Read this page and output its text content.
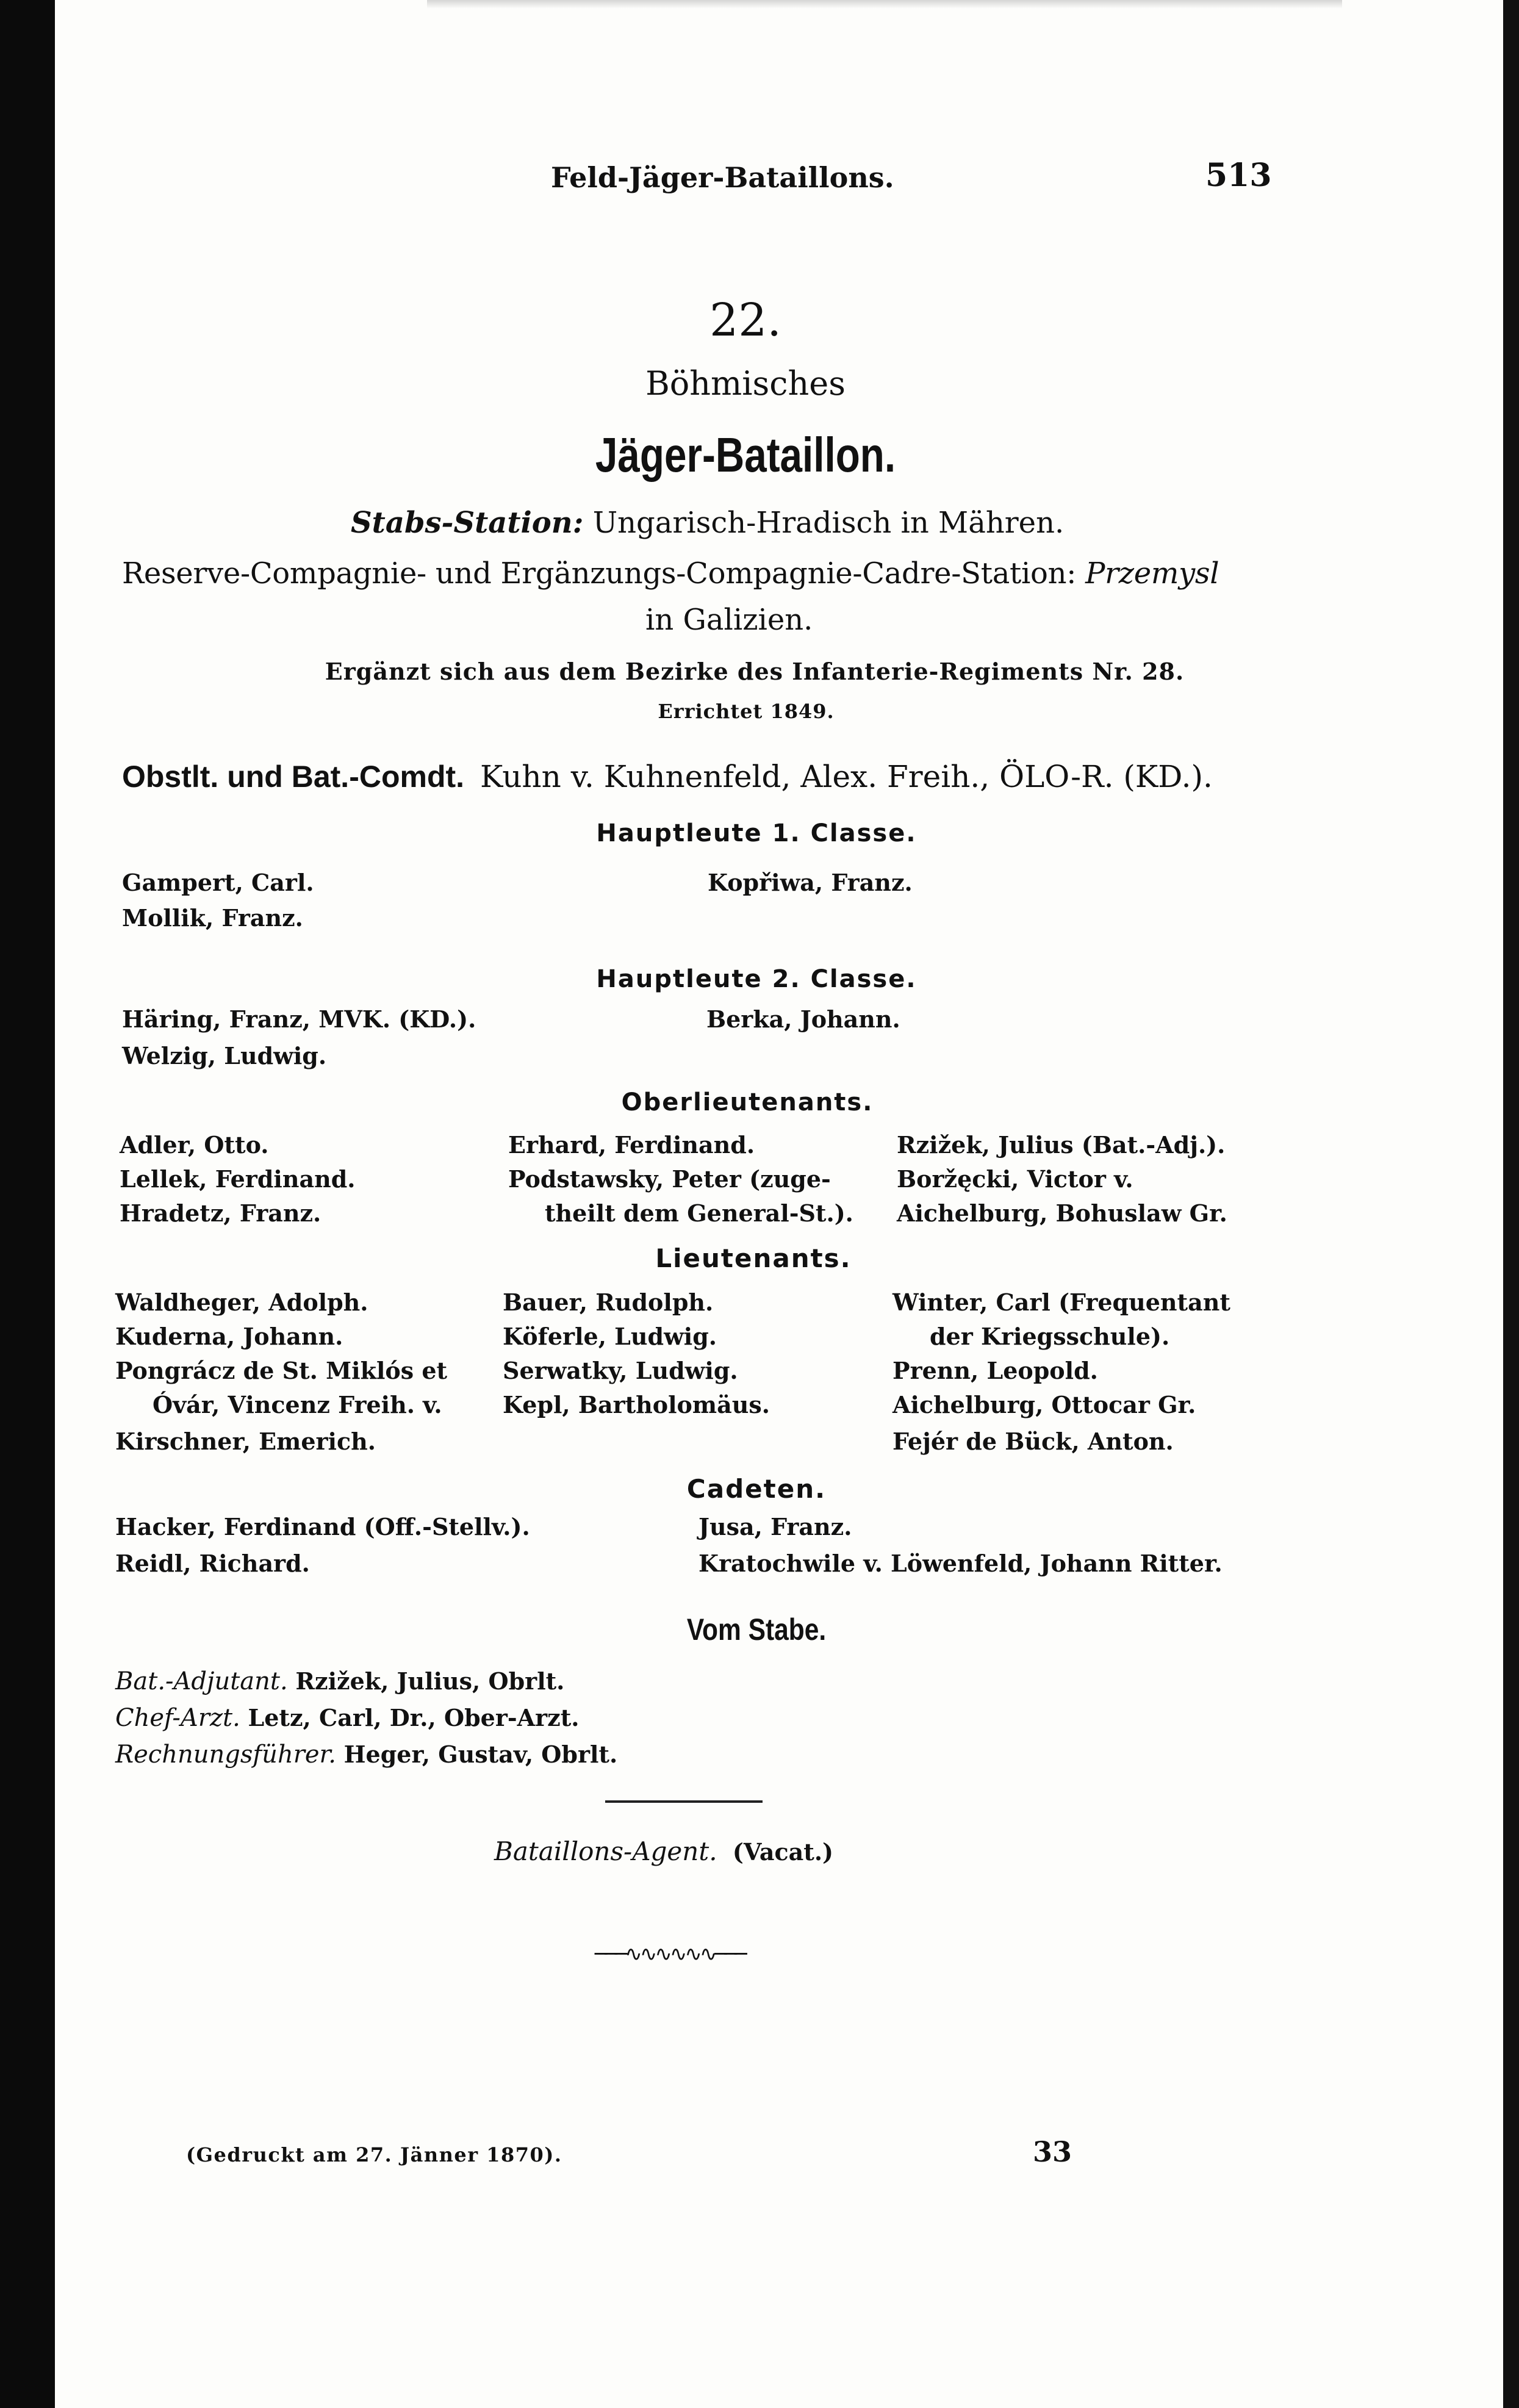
Feld-Jäger-Bataillons.	513
22.
Böhmisches
Jäger-Bataillon.
Stabs-Station: Ungarisch-Hradisch in Mähren.
Reserve-Compagnie- und Ergänzungs-Compagnie-Cadre-Station: Przemysl
in Galizien.
Ergänzt sich aus dem Bezirke des Infanterie-Regiments Nr. 28.
Errichtet 1849.
Obstlt. und Bat.-Comdt. Kuhn v. Kuhnenfeld, Alex. Freih., ÖLO-R. (KD.).
Hauptleute 1. Classe.
Gampert, Carl.
Mollik, Franz.
Kopřiwa, Franz.
Hauptleute 2. Classe.
Häring, Franz, MVK. (KD.).
Welzig, Ludwig.
Berka, Johann.
Oberlieutenants.
Adler, Otto.
Lellek, Ferdinand.
Hradetz, Franz.
Erhard, Ferdinand.
Podstawsky, Peter (zuge-
theilt dem General-St.).
Rzižek, Julius (Bat.-Adj.).
Boržęcki, Victor v.
Aichelburg, Bohuslaw Gr.
Lieutenants.
Waldheger, Adolph.
Kuderna, Johann.
Pongrácz de St. Miklós et
Óvár, Vincenz Freih. v.
Kirschner, Emerich.
Bauer, Rudolph.
Köferle, Ludwig.
Serwatky, Ludwig.
Kepl, Bartholomäus.
Winter, Carl (Frequentant
der Kriegsschule).
Prenn, Leopold.
Aichelburg, Ottocar Gr.
Fejér de Bück, Anton.
Cadeten.
Hacker, Ferdinand (Off.-Stellv.).
Reidl, Richard.
Jusa, Franz.
Kratochwile v. Löwenfeld, Johann Ritter.
Vom Stabe.
Bat.-Adjutant. Rzižek, Julius, Obrlt.
Chef-Arzt. Letz, Carl, Dr., Ober-Arzt.
Rechnungsführer. Heger, Gustav, Obrlt.
Bataillons-Agent. (Vacat.)
───∿∿∿∿∿∿───
(Gedruckt am 27. Jänner 1870).	33
